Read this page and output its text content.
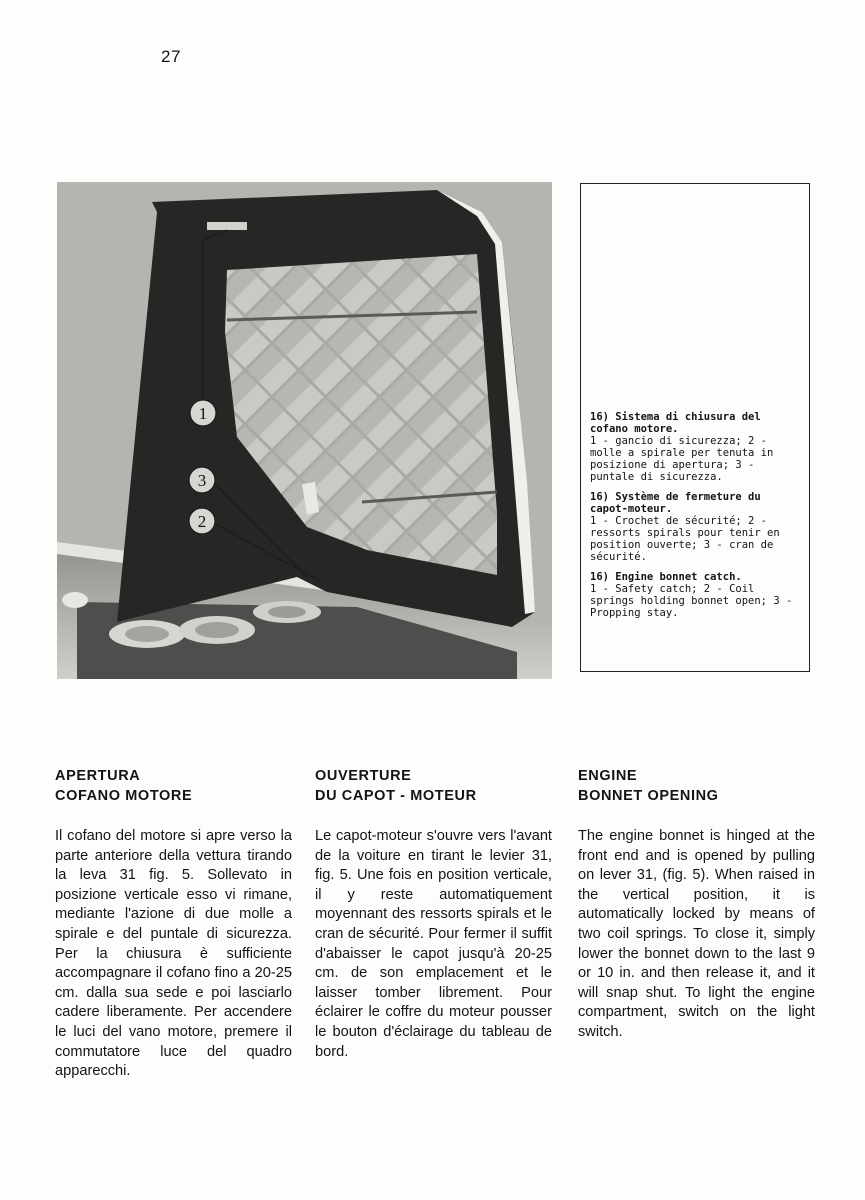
27
1
3
2

16) Sistema di chiusura del cofano motore.

1 - gancio di sicurezza; 2 - molle a spirale per tenuta in posizione di apertura; 3 - puntale di sicurezza.

16) Système de fermeture du capot-moteur.

1 - Crochet de sécurité; 2 - ressorts spirals pour tenir en position ouverte; 3 - cran de sécurité.

16) Engine bonnet catch.

1 - Safety catch; 2 - Coil springs holding bonnet open; 3 - Propping stay.

APERTURA
COFANO MOTORE

Il cofano del motore si apre verso la parte anteriore della vettura tirando la leva 31 fig. 5. Sollevato in posizione verticale esso vi rimane, mediante l'azione di due molle a spirale e del puntale di sicurezza. Per la chiusura è sufficiente accompagnare il cofano fino a 20-25 cm. dalla sua sede e poi lasciarlo cadere liberamente. Per accendere le luci del vano motore, premere il commutatore luce del quadro apparecchi.

OUVERTURE
DU CAPOT - MOTEUR

Le capot-moteur s'ouvre vers l'avant de la voiture en tirant le levier 31, fig. 5. Une fois en position verticale, il y reste automatiquement moyennant des ressorts spirals et le cran de sécurité. Pour fermer il suffit d'abaisser le capot jusqu'à 20-25 cm. de son emplacement et le laisser tomber librement. Pour éclairer le coffre du moteur pousser le bouton d'éclairage du tableau de bord.

ENGINE
BONNET OPENING

The engine bonnet is hinged at the front end and is opened by pulling on lever 31, (fig. 5). When raised in the vertical position, it is automatically locked by means of two coil springs. To close it, simply lower the bonnet down to the last 9 or 10 in. and then release it, and it will snap shut. To light the engine compartment, switch on the light switch.
